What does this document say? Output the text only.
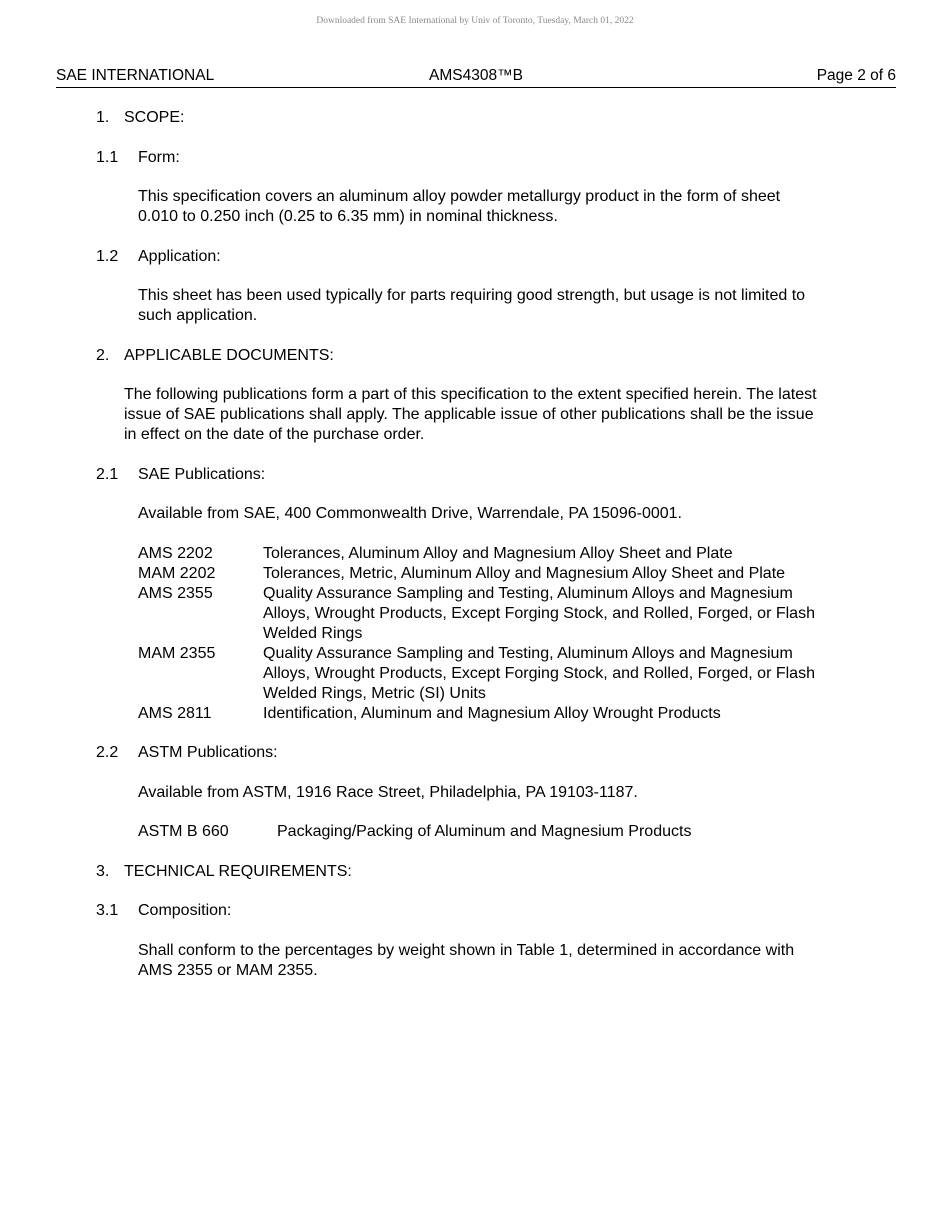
Downloaded from SAE International by Univ of Toronto, Tuesday, March 01, 2022
SAE INTERNATIONAL	AMS4308™B	Page 2 of 6
1. SCOPE:
1.1 Form:
This specification covers an aluminum alloy powder metallurgy product in the form of sheet
0.010 to 0.250 inch (0.25 to 6.35 mm) in nominal thickness.
1.2 Application:
This sheet has been used typically for parts requiring good strength, but usage is not limited to
such application.
2. APPLICABLE DOCUMENTS:
The following publications form a part of this specification to the extent specified herein. The latest
issue of SAE publications shall apply. The applicable issue of other publications shall be the issue
in effect on the date of the purchase order.
2.1 SAE Publications:
Available from SAE, 400 Commonwealth Drive, Warrendale, PA 15096-0001.
AMS 2202	Tolerances, Aluminum Alloy and Magnesium Alloy Sheet and Plate
MAM 2202	Tolerances, Metric, Aluminum Alloy and Magnesium Alloy Sheet and Plate
AMS 2355	Quality Assurance Sampling and Testing, Aluminum Alloys and Magnesium
Alloys, Wrought Products, Except Forging Stock, and Rolled, Forged, or Flash
Welded Rings
MAM 2355	Quality Assurance Sampling and Testing, Aluminum Alloys and Magnesium
Alloys, Wrought Products, Except Forging Stock, and Rolled, Forged, or Flash
Welded Rings, Metric (SI) Units
AMS 2811	Identification, Aluminum and Magnesium Alloy Wrought Products
2.2 ASTM Publications:
Available from ASTM, 1916 Race Street, Philadelphia, PA 19103-1187.
ASTM B 660	Packaging/Packing of Aluminum and Magnesium Products
3. TECHNICAL REQUIREMENTS:
3.1 Composition:
Shall conform to the percentages by weight shown in Table 1, determined in accordance with
AMS 2355 or MAM 2355.
